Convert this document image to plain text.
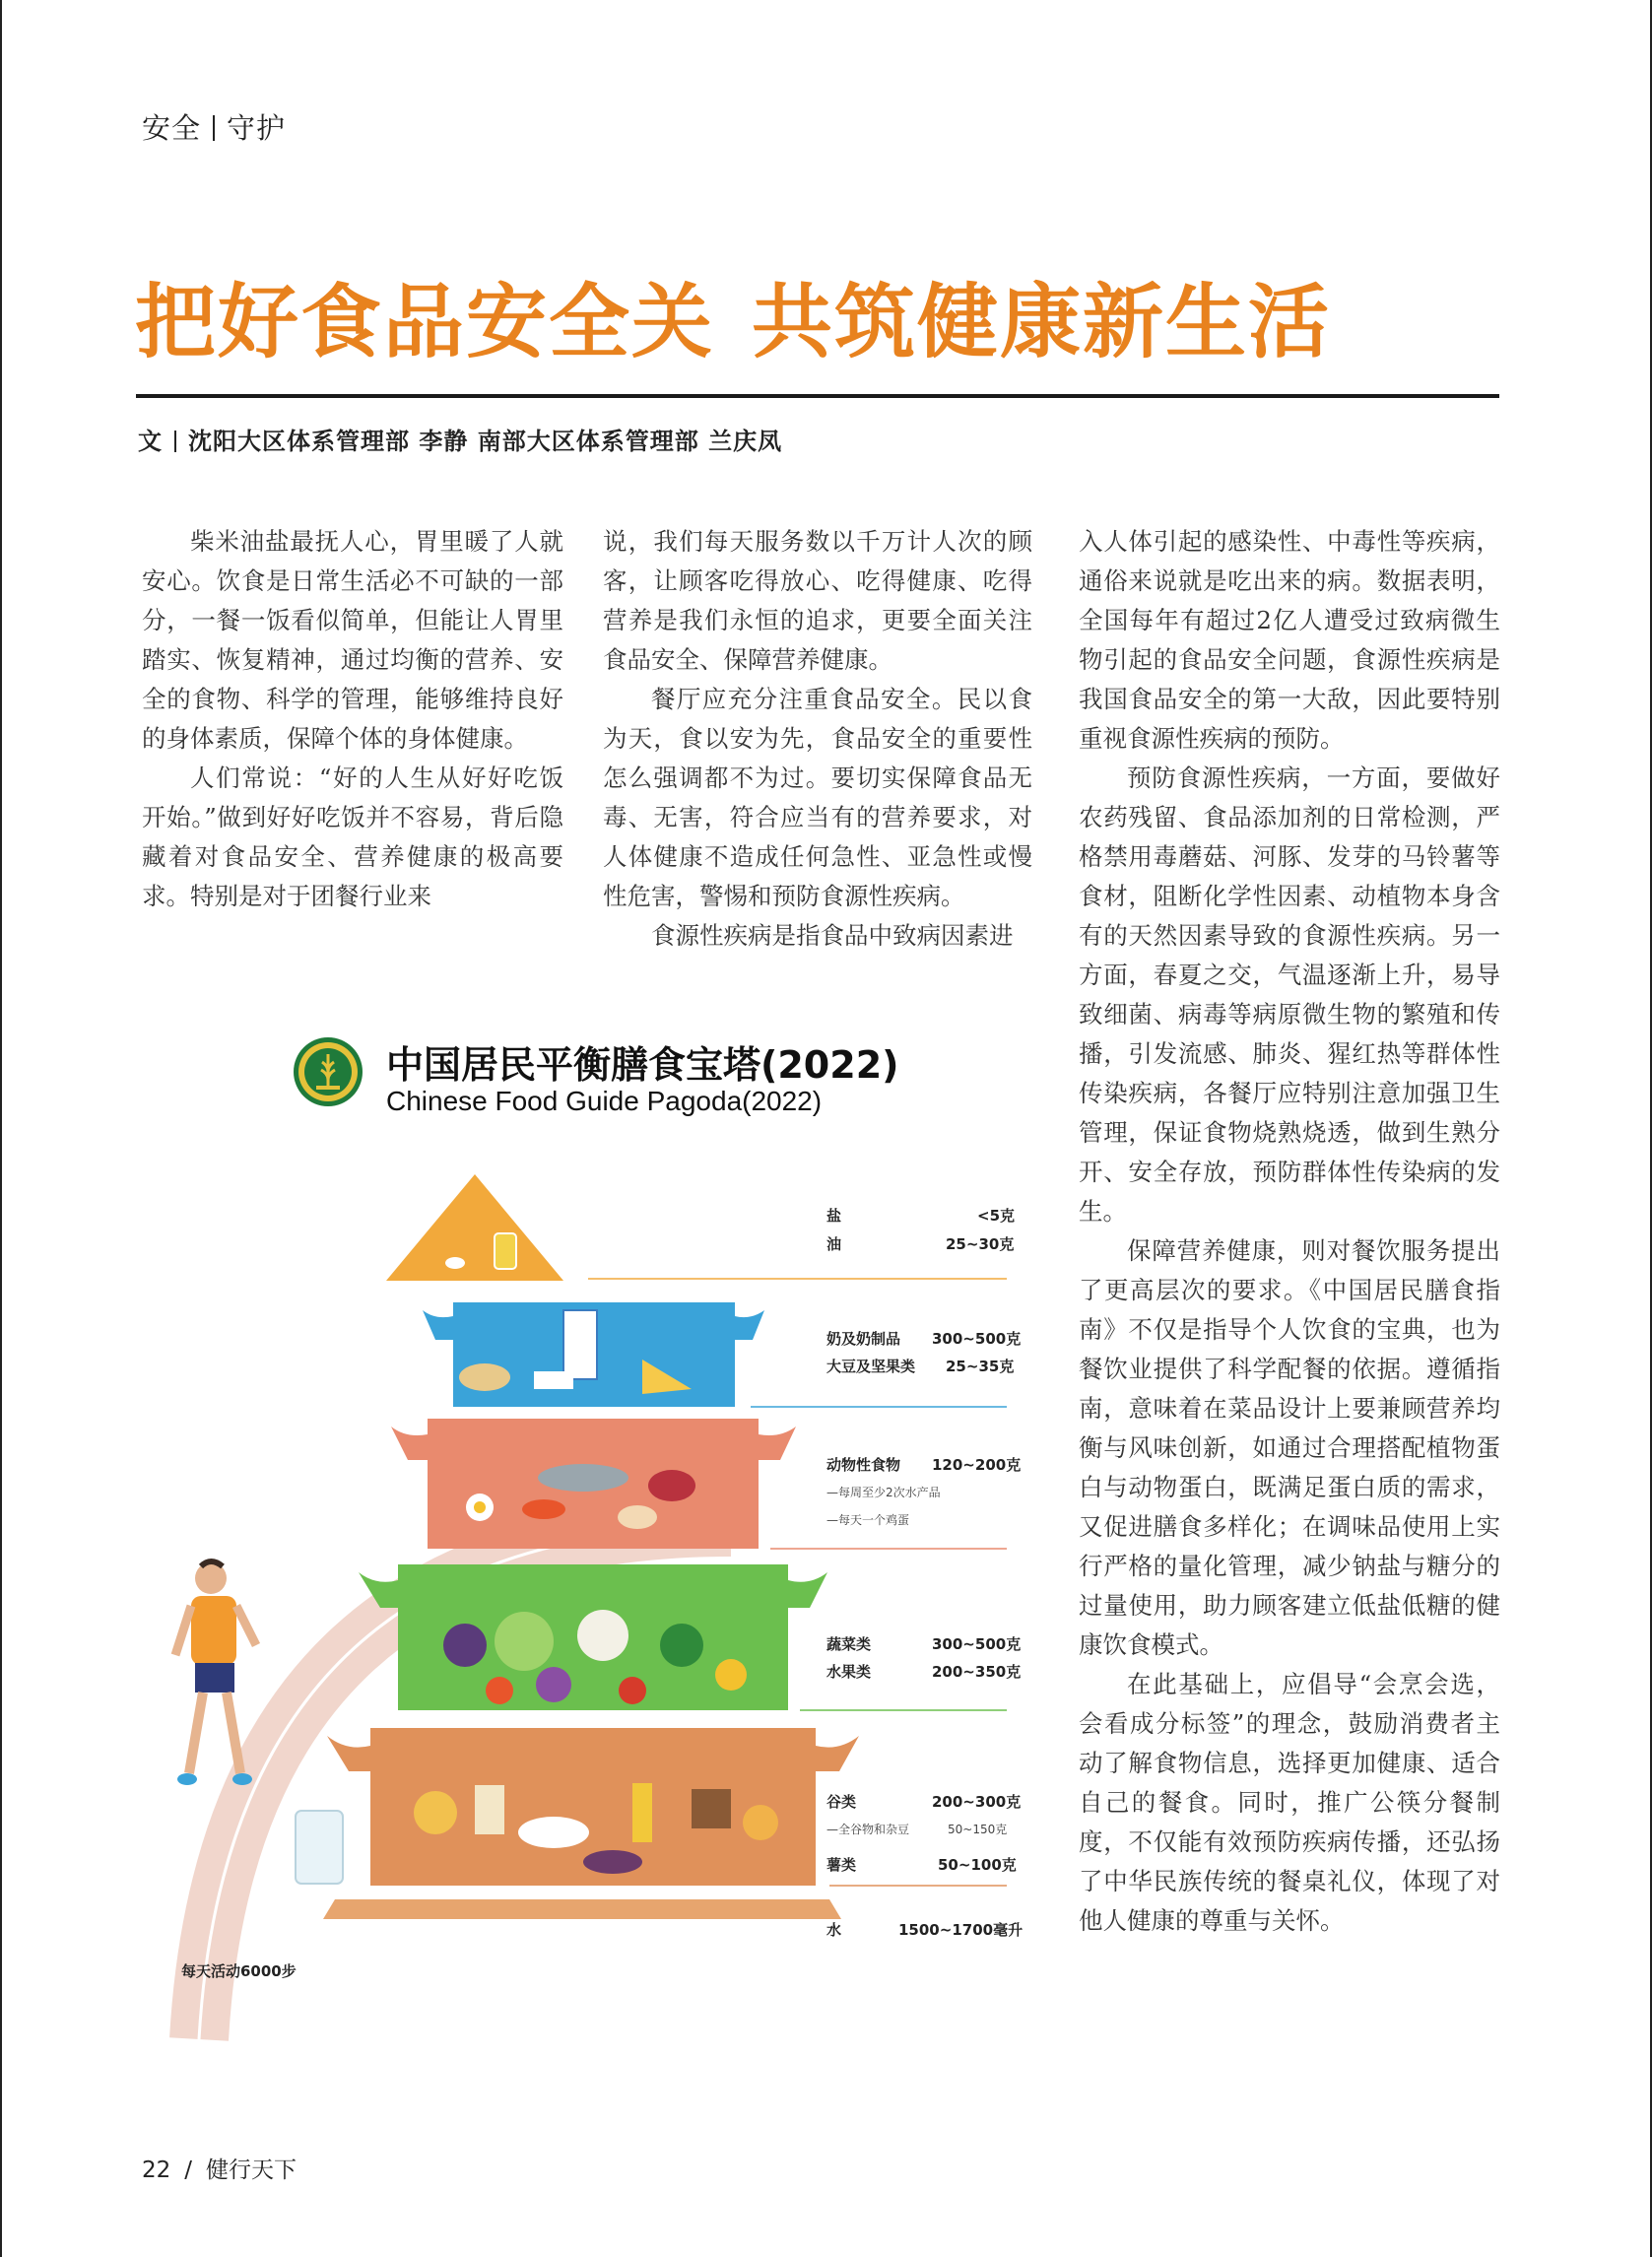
安全 守护
把好食品安全关 共筑健康新生活
文 沈阳大区体系管理部 李静 南部大区体系管理部 兰庆凤

柴米油盐最抚人心，胃里暖了人就安心。饮食是日常生活必不可缺的一部分，一餐一饭看似简单，但能让人胃里踏实、恢复精神，通过均衡的营养、安全的食物、科学的管理，能够维持良好的身体素质，保障个体的身体健康。

人们常说：“好的人生从好好吃饭开始。”做到好好吃饭并不容易，背后隐藏着对食品安全、营养健康的极高要求。特别是对于团餐行业来

说，我们每天服务数以千万计人次的顾客，让顾客吃得放心、吃得健康、吃得营养是我们永恒的追求，更要全面关注食品安全、保障营养健康。

餐厅应充分注重食品安全。民以食为天，食以安为先，食品安全的重要性怎么强调都不为过。要切实保障食品无毒、无害，符合应当有的营养要求，对人体健康不造成任何急性、亚急性或慢性危害，警惕和预防食源性疾病。

食源性疾病是指食品中致病因素进

入人体引起的感染性、中毒性等疾病，通俗来说就是吃出来的病。数据表明，全国每年有超过2亿人遭受过致病微生物引起的食品安全问题，食源性疾病是我国食品安全的第一大敌，因此要特别重视食源性疾病的预防。

预防食源性疾病，一方面，要做好农药残留、食品添加剂的日常检测，严格禁用毒蘑菇、河豚、发芽的马铃薯等食材，阻断化学性因素、动植物本身含有的天然因素导致的食源性疾病。另一方面，春夏之交，气温逐渐上升，易导致细菌、病毒等病原微生物的繁殖和传播，引发流感、肺炎、猩红热等群体性传染疾病，各餐厅应特别注意加强卫生管理，保证食物烧熟烧透，做到生熟分开、安全存放，预防群体性传染病的发生。

保障营养健康，则对餐饮服务提出了更高层次的要求。《中国居民膳食指南》不仅是指导个人饮食的宝典，也为餐饮业提供了科学配餐的依据。遵循指南，意味着在菜品设计上要兼顾营养均衡与风味创新，如通过合理搭配植物蛋白与动物蛋白，既满足蛋白质的需求，又促进膳食多样化；在调味品使用上实行严格的量化管理，减少钠盐与糖分的过量使用，助力顾客建立低盐低糖的健康饮食模式。

在此基础上，应倡导“会烹会选，会看成分标签”的理念，鼓励消费者主动了解食物信息，选择更加健康、适合自己的餐食。同时，推广公筷分餐制度，不仅能有效预防疾病传播，还弘扬了中华民族传统的餐桌礼仪，体现了对他人健康的尊重与关怀。

中国居民平衡膳食宝塔(2022)
Chinese Food Guide Pagoda(2022)
盐	<5克
油	25~30克
奶及奶制品 300~500克
大豆及坚果类 25~35克
动物性食物 120~200克
—每周至少2次水产品
—每天一个鸡蛋
蔬菜类	300~500克
水果类	200~350克
谷类	200~300克
—全谷物和杂豆	50~150克
薯类	50~100克
水	1500~1700毫升
每天活动6000步
22 / 健行天下
